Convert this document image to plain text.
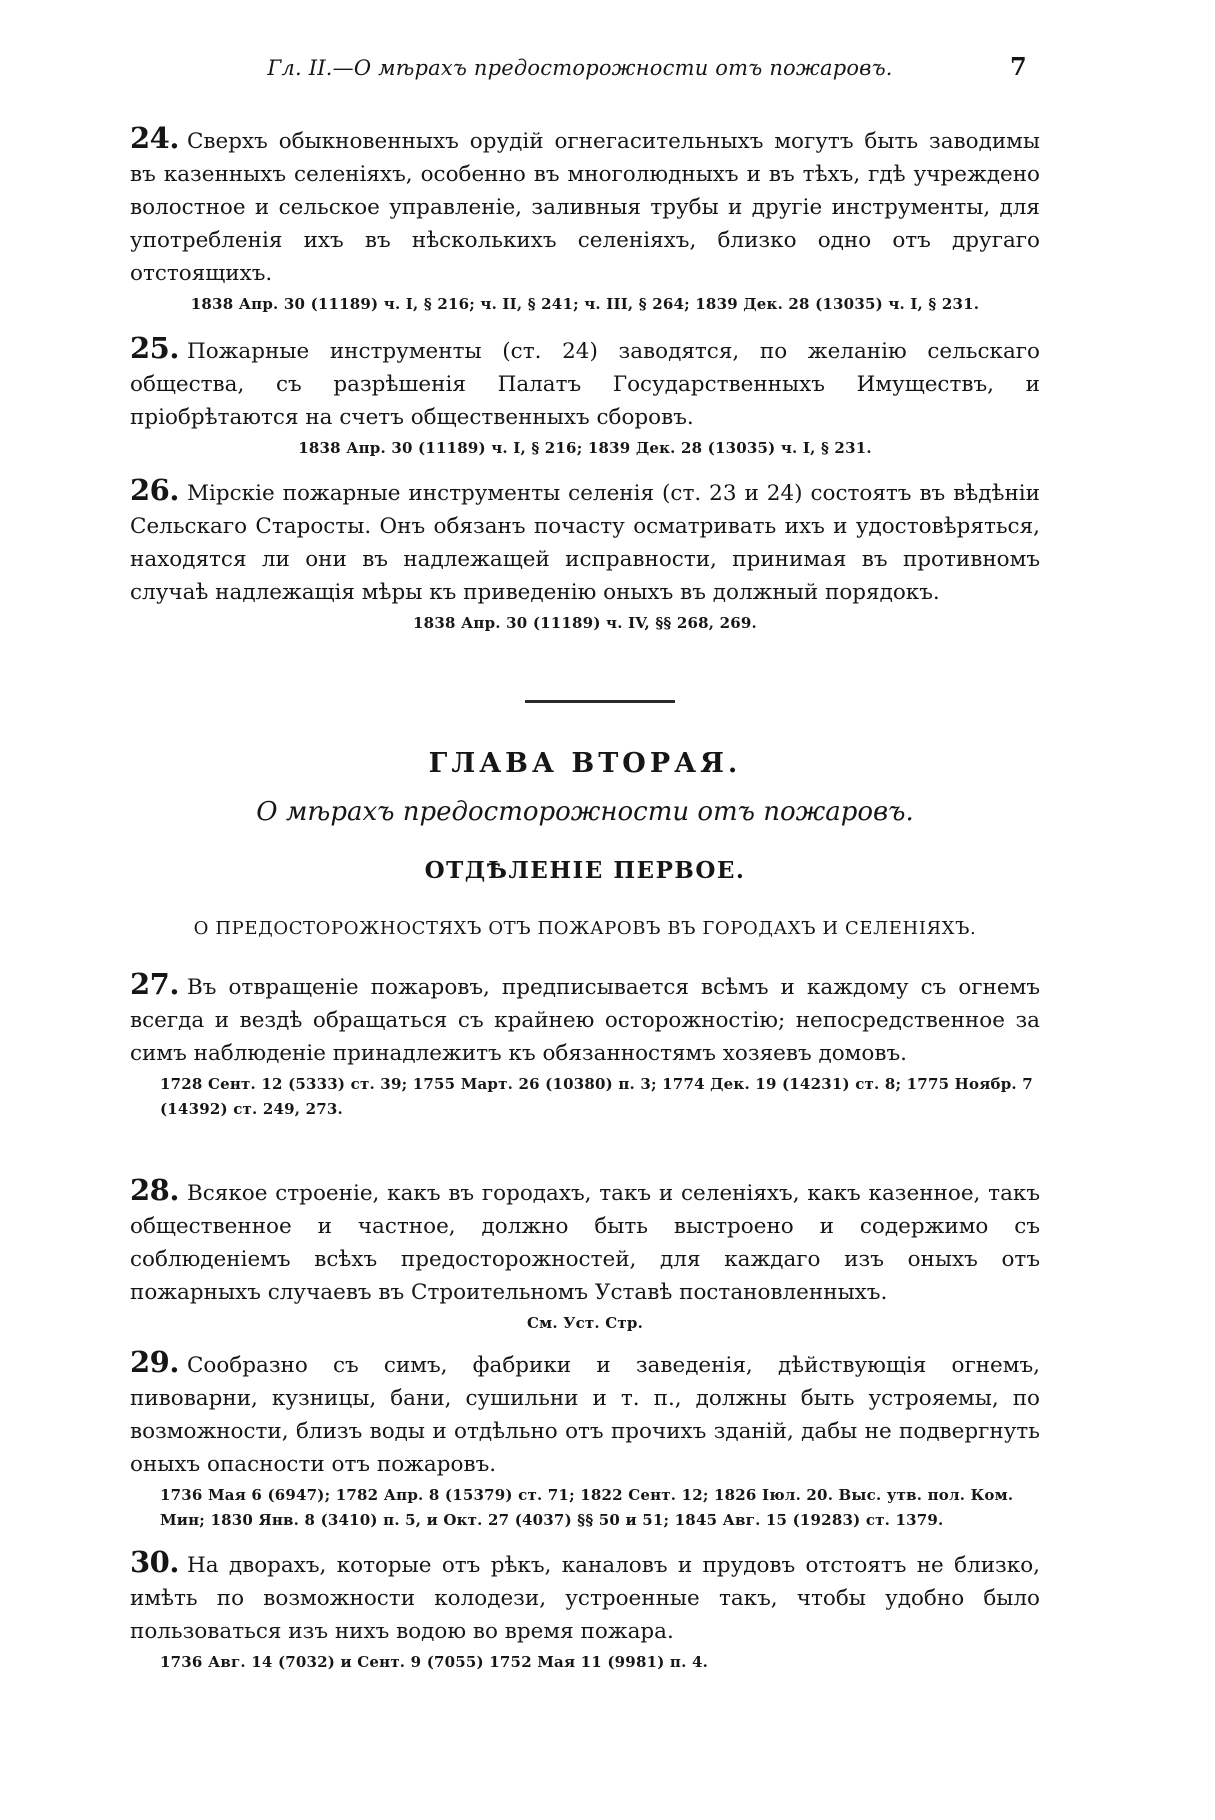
Гл. II.—О мѣрахъ предосторожности отъ пожаровъ.	7

24. Сверхъ обыкновенныхъ орудій огнегасительныхъ могутъ быть заводимы въ казенныхъ селеніяхъ, особенно въ многолюдныхъ и въ тѣхъ, гдѣ учреждено волостное и сельское управленіе, заливныя трубы и другіе инструменты, для употребленія ихъ въ нѣсколькихъ селеніяхъ, близко одно отъ другаго отстоящихъ.

1838 Апр. 30 (11189) ч. I, § 216; ч. II, § 241; ч. III, § 264; 1839 Дек. 28 (13035) ч. I, § 231.

25. Пожарные инструменты (ст. 24) заводятся, по желанію сельскаго общества, съ разрѣшенія Палатъ Государственныхъ Имуществъ, и пріобрѣтаются на счетъ общественныхъ сборовъ.

1838 Апр. 30 (11189) ч. I, § 216; 1839 Дек. 28 (13035) ч. I, § 231.

26. Мірскіе пожарные инструменты селенія (ст. 23 и 24) состоятъ въ вѣдѣніи Сельскаго Старосты. Онъ обязанъ почасту осматривать ихъ и удостовѣряться, находятся ли они въ надлежащей исправности, принимая въ противномъ случаѣ надлежащія мѣры къ приведенію оныхъ въ должный порядокъ.

1838 Апр. 30 (11189) ч. IV, §§ 268, 269.

ГЛАВА ВТОРАЯ.
О мѣрахъ предосторожности отъ пожаровъ.
ОТДѢЛЕНІЕ ПЕРВОЕ.
О ПРЕДОСТОРОЖНОСТЯХЪ ОТЪ ПОЖАРОВЪ ВЪ ГОРОДАХЪ И СЕЛЕНІЯХЪ.

27. Въ отвращеніе пожаровъ, предписывается всѣмъ и каждому съ огнемъ всегда и вездѣ обращаться съ крайнею осторожностію; непосредственное за симъ наблюденіе принадлежитъ къ обязанностямъ хозяевъ домовъ.

1728 Сент. 12 (5333) ст. 39; 1755 Март. 26 (10380) п. 3; 1774 Дек. 19 (14231) ст. 8; 1775 Ноябр. 7 (14392) ст. 249, 273.

28. Всякое строеніе, какъ въ городахъ, такъ и селеніяхъ, какъ казенное, такъ общественное и частное, должно быть выстроено и содержимо съ соблюденіемъ всѣхъ предосторожностей, для каждаго изъ оныхъ отъ пожарныхъ случаевъ въ Строительномъ Уставѣ постановленныхъ.

См. Уст. Стр.

29. Сообразно съ симъ, фабрики и заведенія, дѣйствующія огнемъ, пивоварни, кузницы, бани, сушильни и т. п., должны быть устрояемы, по возможности, близъ воды и отдѣльно отъ прочихъ зданій, дабы не подвергнуть оныхъ опасности отъ пожаровъ.

1736 Мая 6 (6947); 1782 Апр. 8 (15379) ст. 71; 1822 Сент. 12; 1826 Іюл. 20. Выс. утв. пол. Ком. Мин; 1830 Янв. 8 (3410) п. 5, и Окт. 27 (4037) §§ 50 и 51; 1845 Авг. 15 (19283) ст. 1379.

30. На дворахъ, которые отъ рѣкъ, каналовъ и прудовъ отстоятъ не близко, имѣть по возможности колодези, устроенные такъ, чтобы удобно было пользоваться изъ нихъ водою во время пожара.

1736 Авг. 14 (7032) и Сент. 9 (7055) 1752 Мая 11 (9981) п. 4.
